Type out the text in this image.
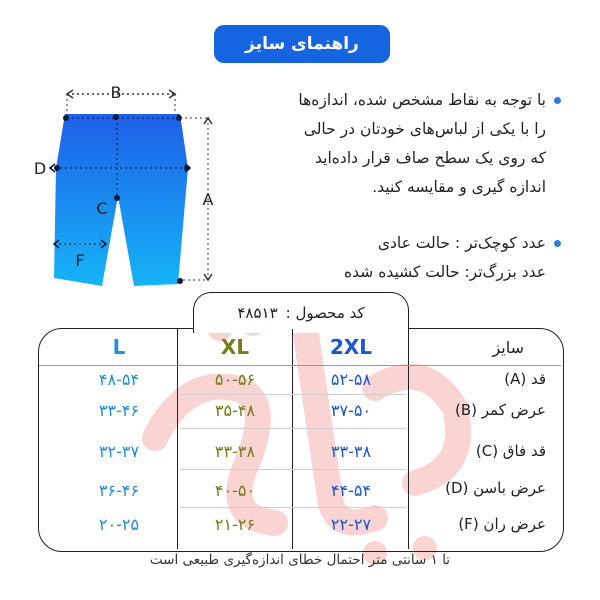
راهنمای سایز
B
D
C
F
A
با توجه به نقاط مشخص شده، اندازه‌ها
را با یکی از لباس‌های خودتان در حالی
که روی یک سطح صاف قرار داده‌اید
اندازه گیری و مقایسه کنید.
عدد کوچک‌تر : حالت عادی
عدد بزرگ‌تر: حالت کشیده شده
کد محصول :
۴۸۵۱۳
سایز
2XL
XL
L
قد (A)
۵۲-۵۸
۵۰-۵۶
۴۸-۵۴
عرض کمر (B)
۳۷-۵۰
۳۵-۴۸
۳۳-۴۶
قد فاق (C)
۳۳-۳۸
۳۳-۳۸
۳۲-۳۷
عرض باسن (D)
۴۴-۵۴
۴۰-۵۰
۳۶-۴۶
عرض ران (F)
۲۲-۲۷
۲۱-۲۶
۲۰-۲۵
تا ۱ سانتی متر احتمال خطای اندازه‌گیری طبیعی است
